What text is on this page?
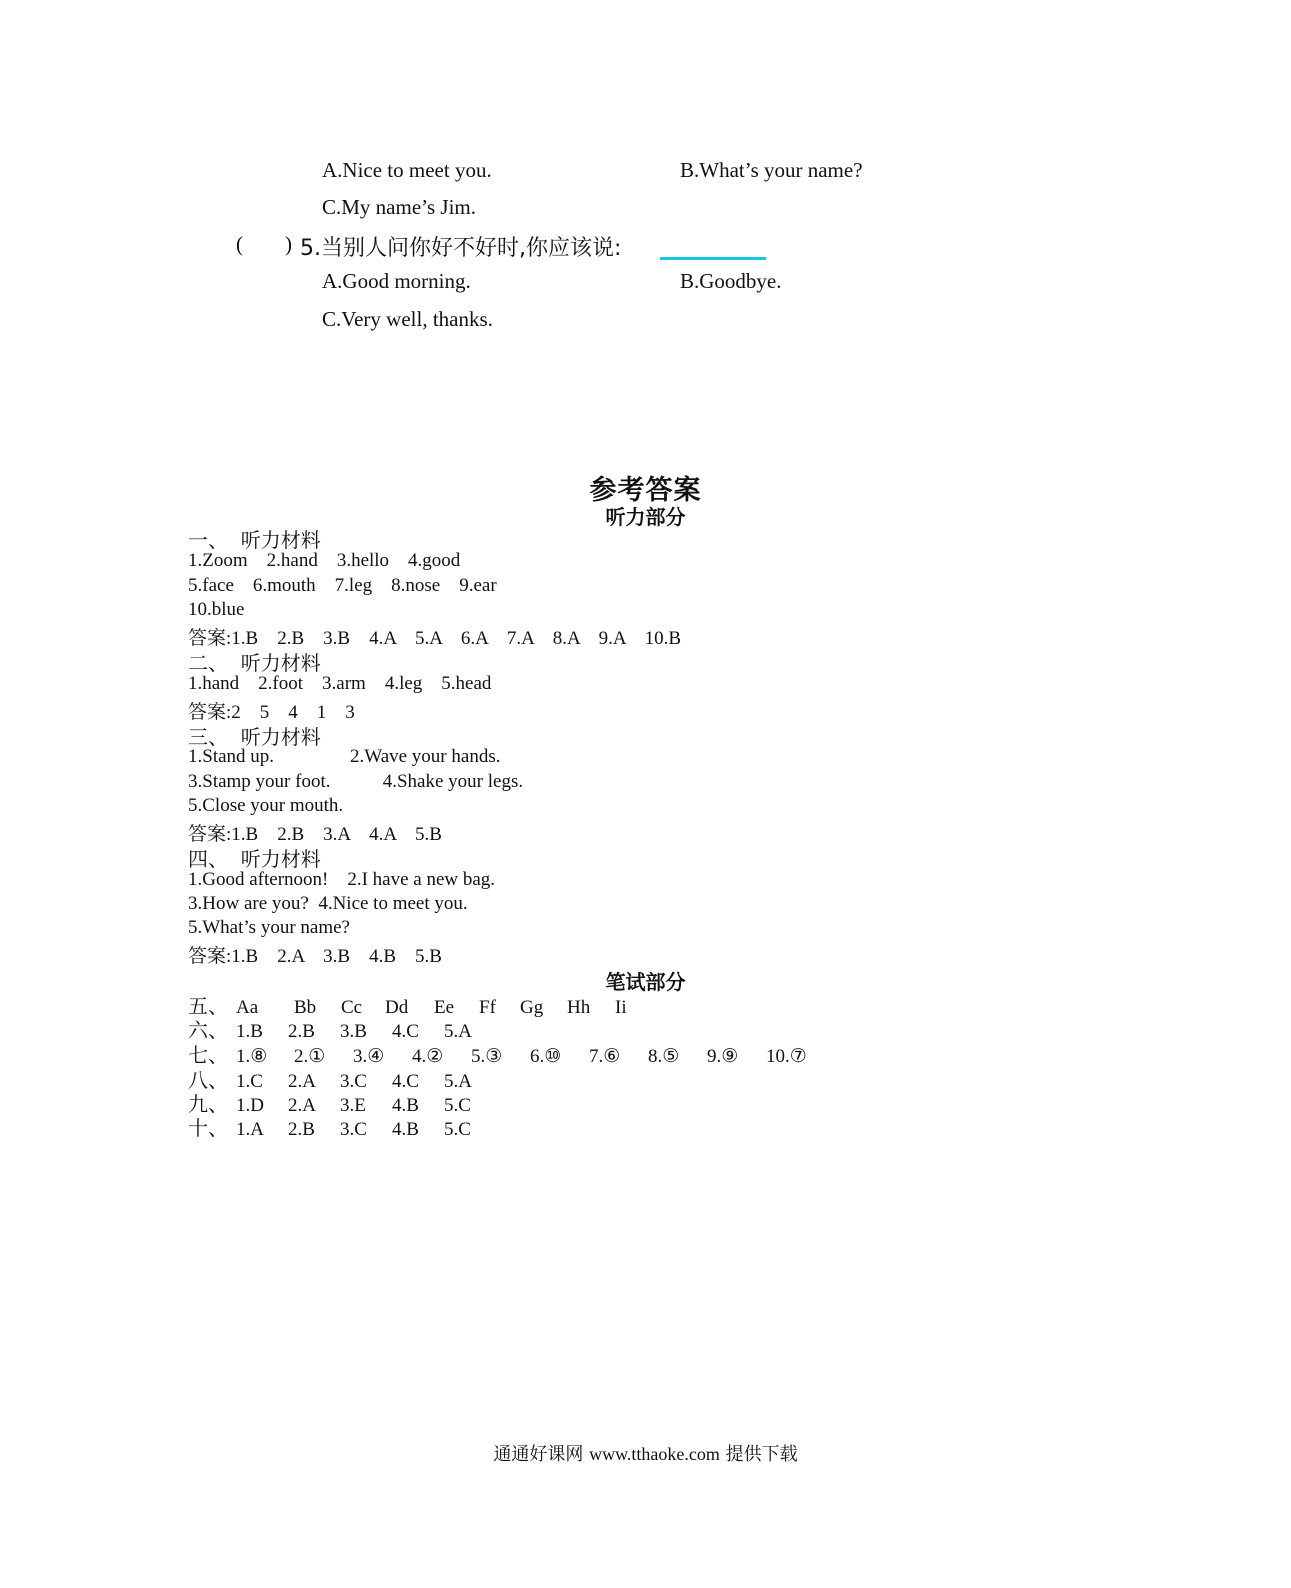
A.Nice to meet you.	B.What’s your name?
C.My name’s Jim.
(        ) 5.当别人问你好不好时,你应该说:
A.Good morning.	B.Goodbye.
C.Very well, thanks.
参考答案
听力部分
一、  听力材料
1.Zoom    2.hand    3.hello    4.good
5.face    6.mouth    7.leg    8.nose    9.ear
10.blue
答案:1.B    2.B    3.B    4.A    5.A    6.A    7.A    8.A    9.A    10.B
二、  听力材料
1.hand    2.foot    3.arm    4.leg    5.head
答案:2    5    4    1    3
三、  听力材料
1.Stand up.                2.Wave your hands.
3.Stamp your foot.           4.Shake your legs.
5.Close your mouth.
答案:1.B    2.B    3.A    4.A    5.B
四、  听力材料
1.Good afternoon!    2.I have a new bag.
3.How are you?  4.Nice to meet you.
5.What’s your name?
答案:1.B    2.A    3.B    4.B    5.B
笔试部分
五、 Aa	Bb	Cc	Dd	Ee	Ff	Gg	Hh	Ii
六、 1.B	2.B	3.B	4.C	5.A
七、 1.⑧	2.①	3.④	4.②	5.③	6.⑩	7.⑥	8.⑤	9.⑨	10.⑦
八、 1.C	2.A	3.C	4.C	5.A
九、 1.D	2.A	3.E	4.B	5.C
十、 1.A	2.B	3.C	4.B	5.C
通通好课网 www.tthaoke.com 提供下载
